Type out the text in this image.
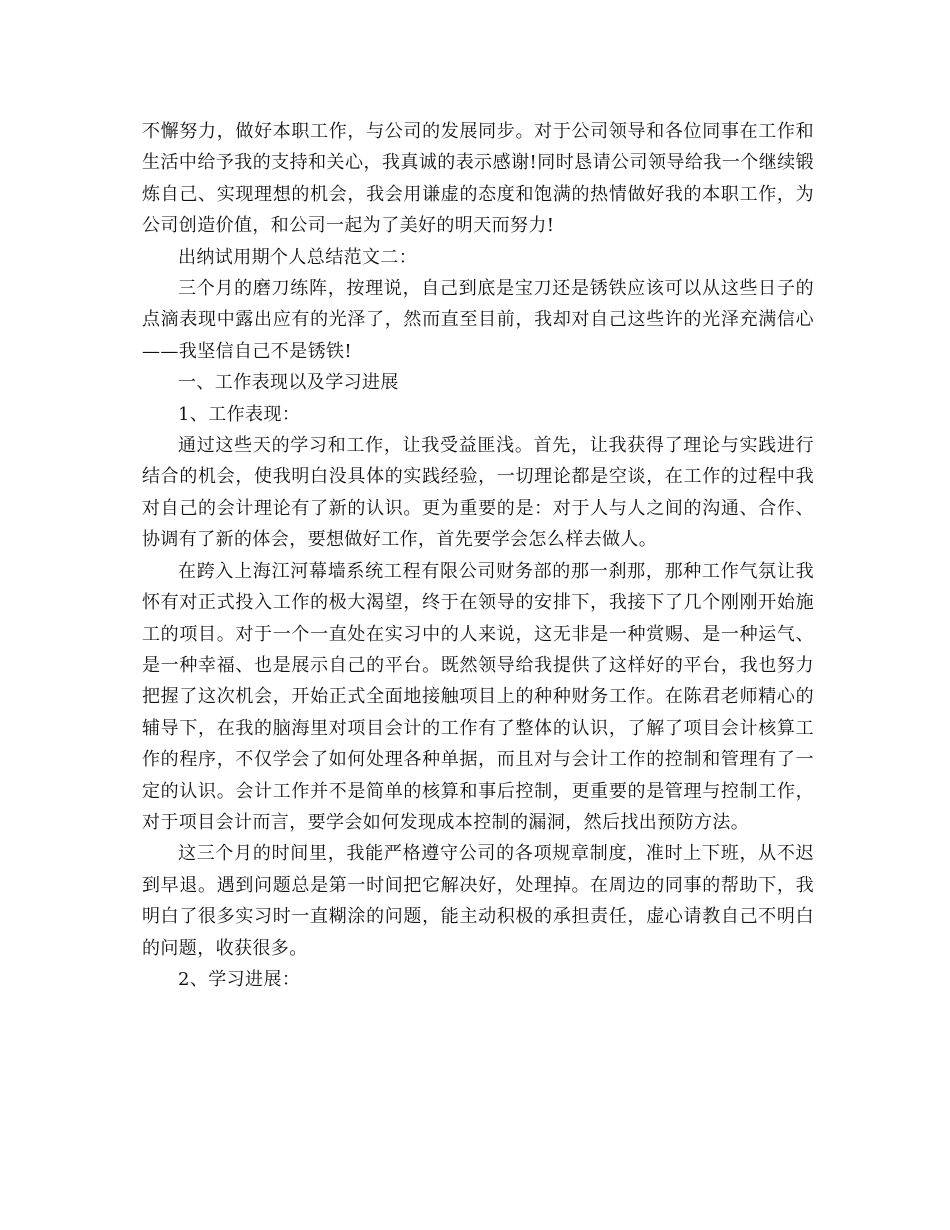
不懈努力，做好本职工作，与公司的发展同步。对于公司领导和各位同事在工作和生活中给予我的支持和关心，我真诚的表示感谢!同时恳请公司领导给我一个继续锻炼自己、实现理想的机会，我会用谦虚的态度和饱满的热情做好我的本职工作，为公司创造价值，和公司一起为了美好的明天而努力!

出纳试用期个人总结范文二：

三个月的磨刀练阵，按理说，自己到底是宝刀还是锈铁应该可以从这些日子的点滴表现中露出应有的光泽了，然而直至目前，我却对自己这些许的光泽充满信心——我坚信自己不是锈铁!

一、工作表现以及学习进展

1、工作表现：

通过这些天的学习和工作，让我受益匪浅。首先，让我获得了理论与实践进行结合的机会，使我明白没具体的实践经验，一切理论都是空谈，在工作的过程中我对自己的会计理论有了新的认识。更为重要的是：对于人与人之间的沟通、合作、协调有了新的体会，要想做好工作，首先要学会怎么样去做人。

在跨入上海江河幕墙系统工程有限公司财务部的那一刹那，那种工作气氛让我怀有对正式投入工作的极大渴望，终于在领导的安排下，我接下了几个刚刚开始施工的项目。对于一个一直处在实习中的人来说，这无非是一种赏赐、是一种运气、是一种幸福、也是展示自己的平台。既然领导给我提供了这样好的平台，我也努力把握了这次机会，开始正式全面地接触项目上的种种财务工作。在陈君老师精心的辅导下，在我的脑海里对项目会计的工作有了整体的认识，了解了项目会计核算工作的程序，不仅学会了如何处理各种单据，而且对与会计工作的控制和管理有了一定的认识。会计工作并不是简单的核算和事后控制，更重要的是管理与控制工作，对于项目会计而言，要学会如何发现成本控制的漏洞，然后找出预防方法。

这三个月的时间里，我能严格遵守公司的各项规章制度，准时上下班，从不迟到早退。遇到问题总是第一时间把它解决好，处理掉。在周边的同事的帮助下，我明白了很多实习时一直糊涂的问题，能主动积极的承担责任，虚心请教自己不明白的问题，收获很多。

2、学习进展：
